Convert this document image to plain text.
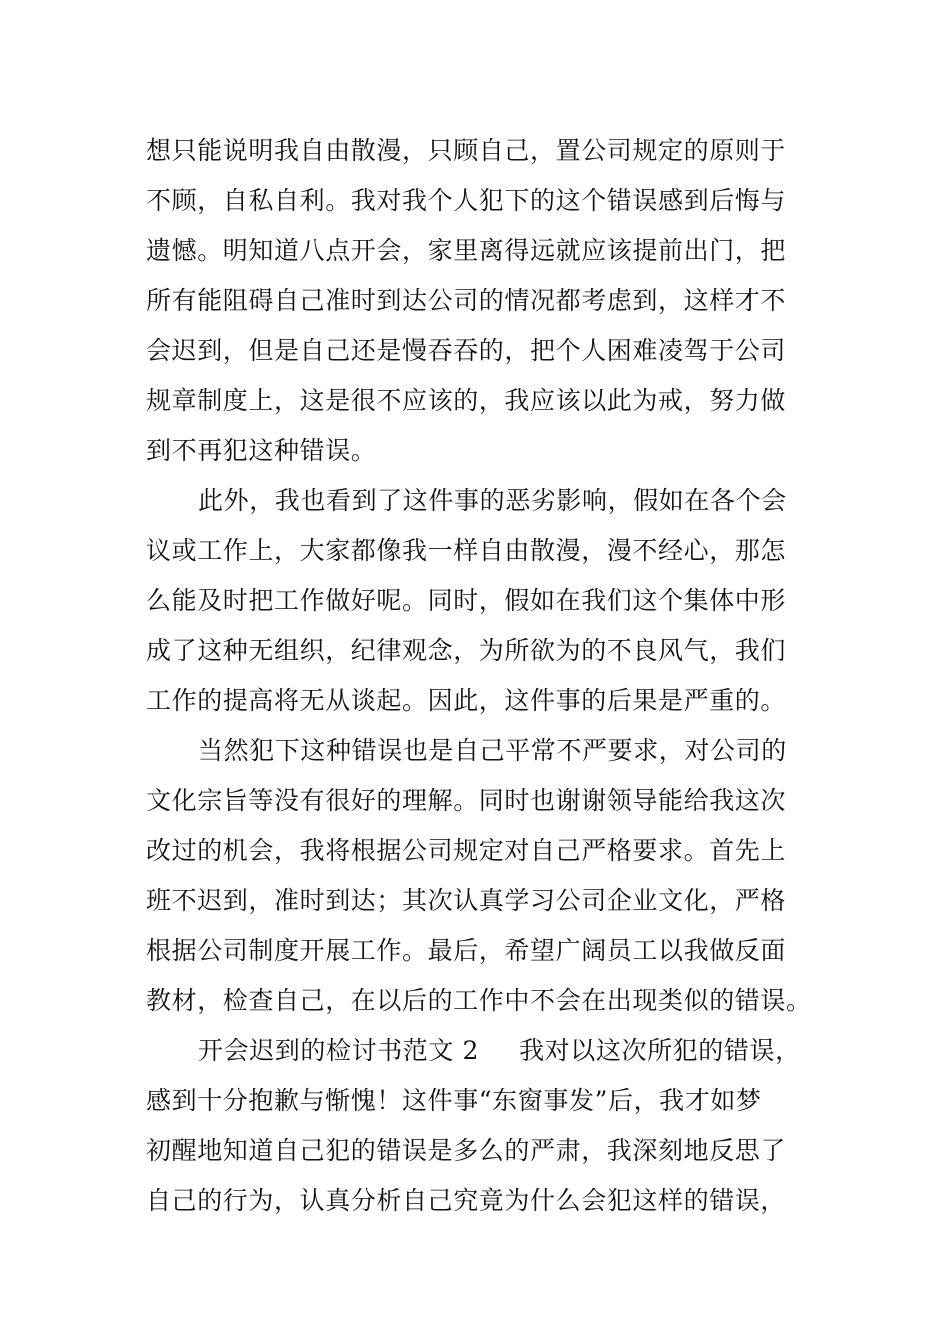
想只能说明我自由散漫，只顾自己，置公司规定的原则于
不顾，自私自利。我对我个人犯下的这个错误感到后悔与
遗憾。明知道八点开会，家里离得远就应该提前出门，把
所有能阻碍自己准时到达公司的情况都考虑到，这样才不
会迟到，但是自己还是慢吞吞的，把个人困难凌驾于公司
规章制度上，这是很不应该的，我应该以此为戒，努力做
到不再犯这种错误。
此外，我也看到了这件事的恶劣影响，假如在各个会
议或工作上，大家都像我一样自由散漫，漫不经心，那怎
么能及时把工作做好呢。同时，假如在我们这个集体中形
成了这种无组织，纪律观念，为所欲为的不良风气，我们
工作的提高将无从谈起。因此，这件事的后果是严重的。
当然犯下这种错误也是自己平常不严要求，对公司的
文化宗旨等没有很好的理解。同时也谢谢领导能给我这次
改过的机会，我将根据公司规定对自己严格要求。首先上
班不迟到，准时到达；其次认真学习公司企业文化，严格
根据公司制度开展工作。最后，希望广阔员工以我做反面
教材，检查自己，在以后的工作中不会在出现类似的错误。
开会迟到的检讨书范文 2 我对以这次所犯的错误，
感到十分抱歉与惭愧！这件事“东窗事发”后，我才如梦
初醒地知道自己犯的错误是多么的严肃，我深刻地反思了
自己的行为，认真分析自己究竟为什么会犯这样的错误，
